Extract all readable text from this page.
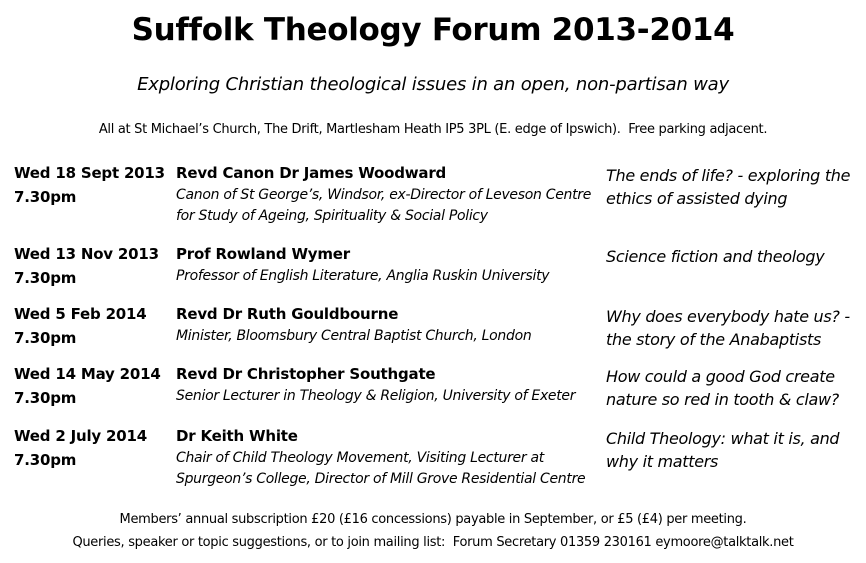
Suffolk Theology Forum 2013-2014
Exploring Christian theological issues in an open, non-partisan way
All at St Michael’s Church, The Drift, Martlesham Heath IP5 3PL (E. edge of Ipswich).  Free parking adjacent.
Wed 18 Sept 2013
7.30pm
Revd Canon Dr James Woodward
Canon of St George’s, Windsor, ex-Director of Leveson Centre for Study of Ageing, Spirituality & Social Policy
The ends of life? - exploring the ethics of assisted dying
Wed 13 Nov 2013
7.30pm
Prof Rowland Wymer
Professor of English Literature, Anglia Ruskin University
Science fiction and theology
Wed 5 Feb 2014
7.30pm
Revd Dr Ruth Gouldbourne
Minister, Bloomsbury Central Baptist Church, London
Why does everybody hate us? - the story of the Anabaptists
Wed 14 May 2014
7.30pm
Revd Dr Christopher Southgate
Senior Lecturer in Theology & Religion, University of Exeter
How could a good God create nature so red in tooth & claw?
Wed 2 July 2014
7.30pm
Dr Keith White
Chair of Child Theology Movement, Visiting Lecturer at Spurgeon’s College, Director of Mill Grove Residential Centre
Child Theology: what it is, and why it matters
Members’ annual subscription £20 (£16 concessions) payable in September, or £5 (£4) per meeting.
Queries, speaker or topic suggestions, or to join mailing list:  Forum Secretary 01359 230161 eymoore@talktalk.net
